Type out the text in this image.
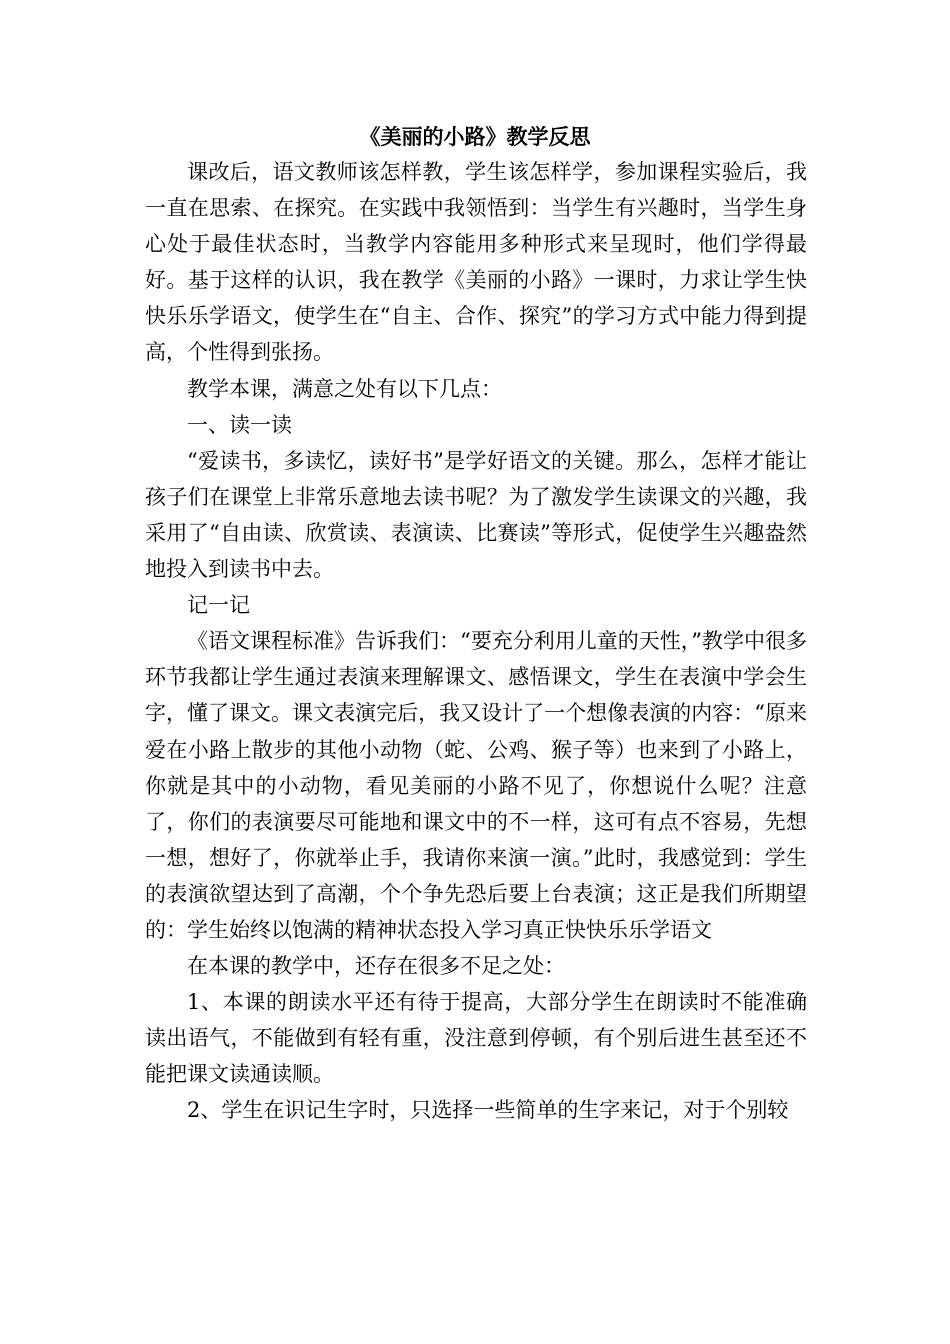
《美丽的小路》教学反思

课改后，语文教师该怎样教，学生该怎样学，参加课程实验后，我一直在思索、在探究。在实践中我领悟到：当学生有兴趣时，当学生身心处于最佳状态时，当教学内容能用多种形式来呈现时，他们学得最好。基于这样的认识，我在教学《美丽的小路》一课时，力求让学生快快乐乐学语文，使学生在“自主、合作、探究”的学习方式中能力得到提高，个性得到张扬。

教学本课，满意之处有以下几点：

一、读一读

“爱读书，多读忆，读好书”是学好语文的关键。那么，怎样才能让孩子们在课堂上非常乐意地去读书呢？为了激发学生读课文的兴趣，我采用了“自由读、欣赏读、表演读、比赛读”等形式，促使学生兴趣盎然地投入到读书中去。

记一记

《语文课程标准》告诉我们：“要充分利用儿童的天性，”教学中很多环节我都让学生通过表演来理解课文、感悟课文，学生在表演中学会生字，懂了课文。课文表演完后，我又设计了一个想像表演的内容：“原来爱在小路上散步的其他小动物（蛇、公鸡、猴子等）也来到了小路上，你就是其中的小动物，看见美丽的小路不见了，你想说什么呢？注意了，你们的表演要尽可能地和课文中的不一样，这可有点不容易，先想一想，想好了，你就举止手，我请你来演一演。”此时，我感觉到：学生的表演欲望达到了高潮，个个争先恐后要上台表演；这正是我们所期望的：学生始终以饱满的精神状态投入学习真正快快乐乐学语文

在本课的教学中，还存在很多不足之处：

1、本课的朗读水平还有待于提高，大部分学生在朗读时不能准确读出语气，不能做到有轻有重，没注意到停顿，有个别后进生甚至还不能把课文读通读顺。

2、学生在识记生字时，只选择一些简单的生字来记，对于个别较
